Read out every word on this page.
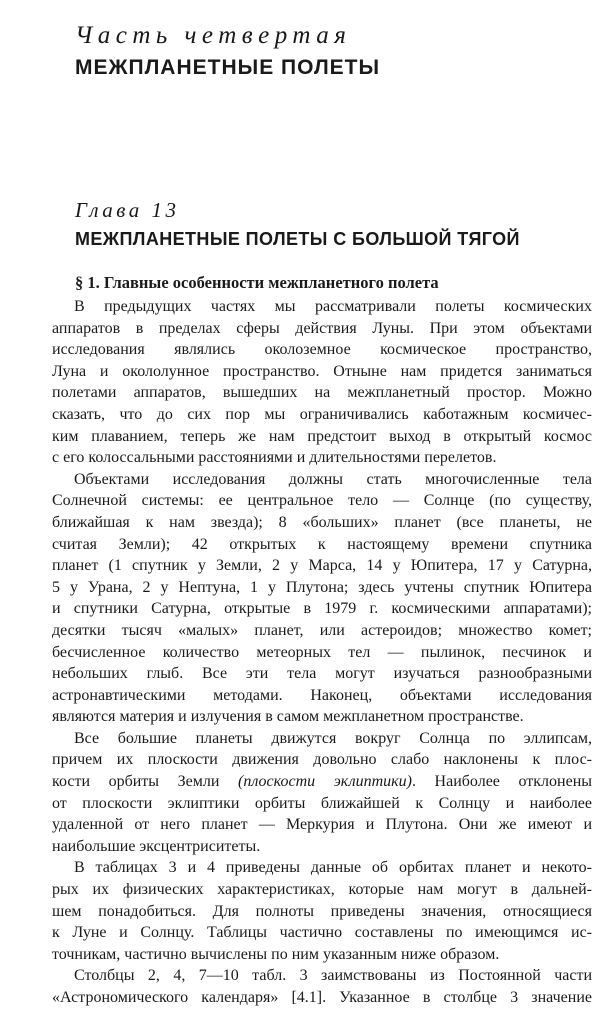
Часть четвертая
МЕЖПЛАНЕТНЫЕ ПОЛЕТЫ
Глава 13
МЕЖПЛАНЕТНЫЕ ПОЛЕТЫ С БОЛЬШОЙ ТЯГОЙ
§ 1. Главные особенности межпланетного полета
В предыдущих частях мы рассматривали полеты космических
аппаратов в пределах сферы действия Луны. При этом объектами
исследования являлись околоземное космическое пространство,
Луна и окололунное пространство. Отныне нам придется заниматься
полетами аппаратов, вышедших на межпланетный простор. Можно
сказать, что до сих пор мы ограничивались каботажным космичес-
ким плаванием, теперь же нам предстоит выход в открытый космос
с его колоссальными расстояниями и длительностями перелетов.
Объектами исследования должны стать многочисленные тела
Солнечной системы: ее центральное тело — Солнце (по существу,
ближайшая к нам звезда); 8 «больших» планет (все планеты, не
считая Земли); 42 открытых к настоящему времени спутника
планет (1 спутник у Земли, 2 у Марса, 14 у Юпитера, 17 у Сатурна,
5 у Урана, 2 у Нептуна, 1 у Плутона; здесь учтены спутник Юпитера
и спутники Сатурна, открытые в 1979 г. космическими аппаратами);
десятки тысяч «малых» планет, или астероидов; множество комет;
бесчисленное количество метеорных тел — пылинок, песчинок и
небольших глыб. Все эти тела могут изучаться разнообразными
астронавтическими методами. Наконец, объектами исследования
являются материя и излучения в самом межпланетном пространстве.
Все большие планеты движутся вокруг Солнца по эллипсам,
причем их плоскости движения довольно слабо наклонены к плос-
кости орбиты Земли (плоскости эклиптики). Наиболее отклонены
от плоскости эклиптики орбиты ближайшей к Солнцу и наиболее
удаленной от него планет — Меркурия и Плутона. Они же имеют и
наибольшие эксцентриситеты.
В таблицах 3 и 4 приведены данные об орбитах планет и некото-
рых их физических характеристиках, которые нам могут в дальней-
шем понадобиться. Для полноты приведены значения, относящиеся
к Луне и Солнцу. Таблицы частично составлены по имеющимся ис-
точникам, частично вычислены по ним указанным ниже образом.
Столбцы 2, 4, 7—10 табл. 3 заимствованы из Постоянной части
«Астрономического календаря» [4.1]. Указанное в столбце 3 значение
